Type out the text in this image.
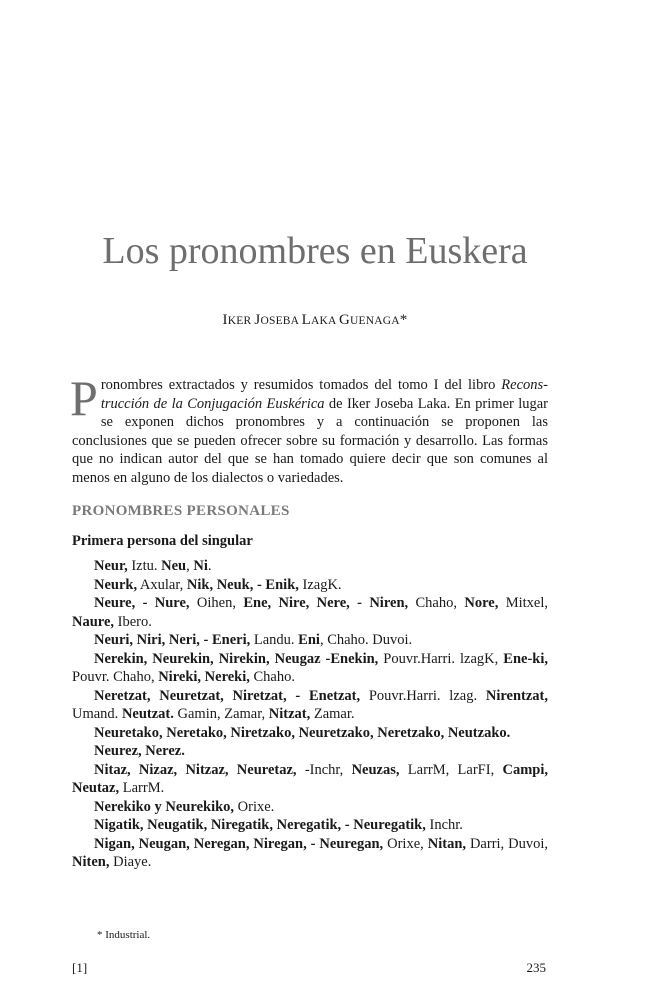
Los pronombres en Euskera

IKER JOSEBA LAKA GUENAGA*

Pronombres extractados y resumidos tomados del tomo I del libro Recons-trucción de la Conjugación Euskérica de Iker Joseba Laka. En primer lugar se exponen dichos pronombres y a continuación se proponen las conclusiones que se pueden ofrecer sobre su formación y desarrollo. Las formas que no indican autor del que se han tomado quiere decir que son comunes al menos en alguno de los dialectos o variedades.

PRONOMBRES PERSONALES
Primera persona del singular

Neur, Iztu. Neu, Ni.

Neurk, Axular, Nik, Neuk, - Enik, IzagK.

Neure, - Nure, Oihen, Ene, Nire, Nere, - Niren, Chaho, Nore, Mitxel, Naure, Ibero.

Neuri, Niri, Neri, - Eneri, Landu. Eni, Chaho. Duvoi.

Nerekin, Neurekin, Nirekin, Neugaz -Enekin, Pouvr.Harri. lzagK, Ene-ki, Pouvr. Chaho, Nireki, Nereki, Chaho.

Neretzat, Neuretzat, Niretzat, - Enetzat, Pouvr.Harri. lzag. Nirentzat, Umand. Neutzat. Gamin, Zamar, Nitzat, Zamar.

Neuretako, Neretako, Niretzako, Neuretzako, Neretzako, Neutzako.

Neurez, Nerez.

Nitaz, Nizaz, Nitzaz, Neuretaz, -Inchr, Neuzas, LarrM, LarFI, Campi, Neutaz, LarrM.

Nerekiko y Neurekiko, Orixe.

Nigatik, Neugatik, Niregatik, Neregatik, - Neuregatik, Inchr.

Nigan, Neugan, Neregan, Niregan, - Neuregan, Orixe, Nitan, Darri, Duvoi, Niten, Diaye.

* Industrial.

[1]	235
